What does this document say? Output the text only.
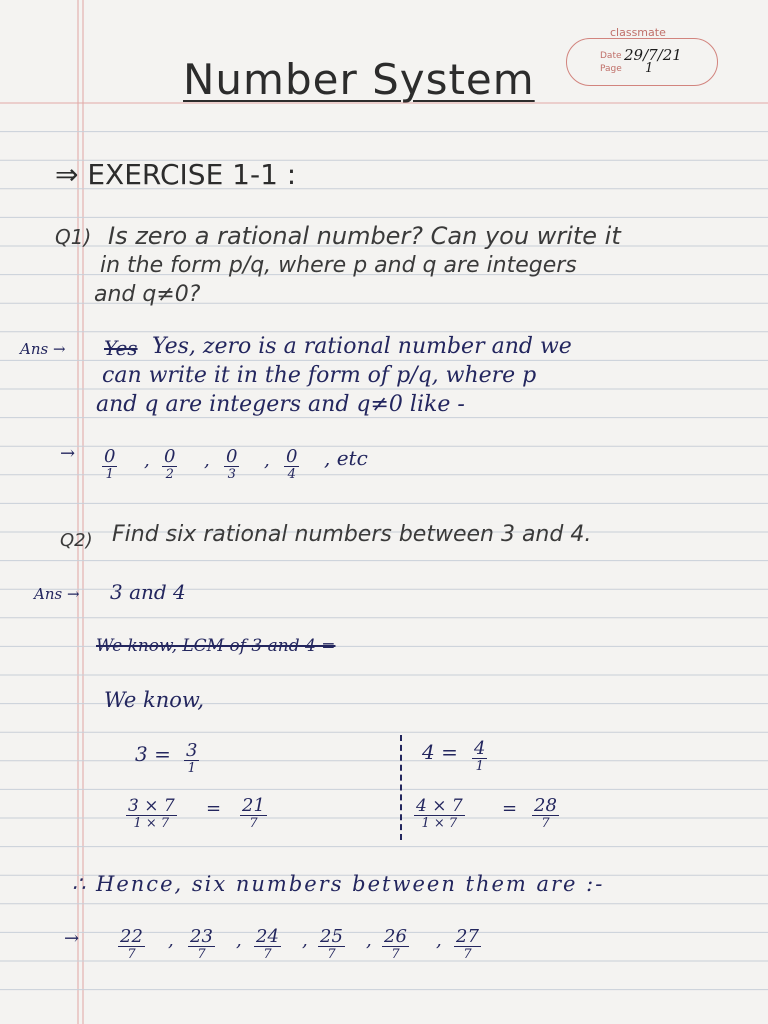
classmate
Date 29/7/21
Page 1
Number System
⇒ EXERCISE 1-1 :
Q1) Is zero a rational number? Can you write it
in the form p/q, where p and q are integers
and q≠0?
Ans → Yes Yes, zero is a rational number and we
can write it in the form of p/q, where p
and q are integers and q≠0 like -
→ 0
1
, 0
2
, 0
3
, 0
4
, etc
Q2) Find six rational numbers between 3 and 4.
Ans → 3 and 4
We know, LCM of 3 and 4 =
We know,
3 = 3
1
3 × 7
1 × 7
= 21
7
4 = 4
1
4 × 7
1 × 7
= 28
7
∴ Hence, six numbers between them are :-
→ 22
7
, 23
7
, 24
7
, 25
7
, 26
7
, 27
7
